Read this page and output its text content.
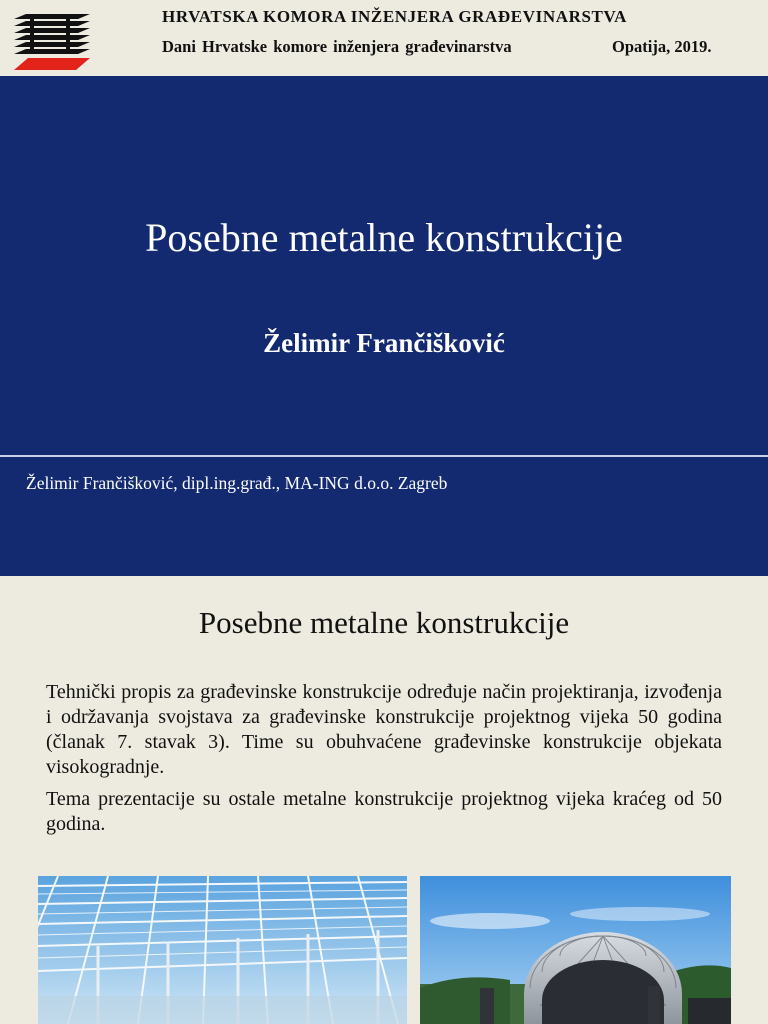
HRVATSKA KOMORA INŽENJERA GRAĐEVINARSTVA
Dani Hrvatske komore inženjera građevinarstva	Opatija, 2019.
Posebne metalne konstrukcije
Želimir Frančišković
Želimir Frančišković, dipl.ing.građ., MA-ING d.o.o. Zagreb
Posebne metalne konstrukcije

Tehnički propis za građevinske konstrukcije određuje način projektiranja, izvođenja i održavanja svojstava za građevinske konstrukcije projektnog vijeka 50 godina (članak 7. stavak 3). Time su obuhvaćene građevinske konstrukcije objekata visokogradnje.

Tema prezentacije su ostale metalne konstrukcije projektnog vijeka kraćeg od 50 godina.
